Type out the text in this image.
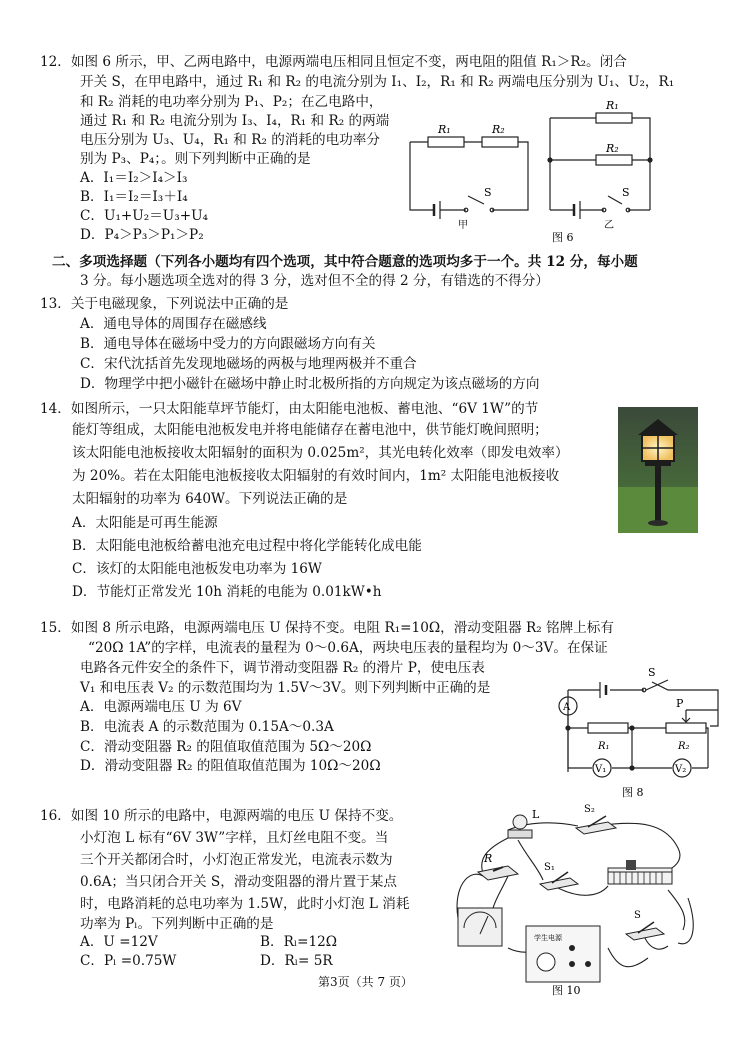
12．如图 6 所示，甲、乙两电路中，电源两端电压相同且恒定不变，两电阻的阻值 R₁＞R₂。闭合
开关 S，在甲电路中，通过 R₁ 和 R₂ 的电流分别为 I₁、I₂，R₁ 和 R₂ 两端电压分别为 U₁、U₂，R₁
和 R₂ 消耗的电功率分别为 P₁、P₂；在乙电路中，
通过 R₁ 和 R₂ 电流分别为 I₃、I₄，R₁ 和 R₂ 的两端
电压分别为 U₃、U₄，R₁ 和 R₂ 的消耗的电功率分
别为 P₃、P₄；。则下列判断中正确的是
A．I₁＝I₂＞I₄＞I₃
B．I₁＝I₂＝I₃＋I₄
C．U₁+U₂＝U₃+U₄
D．P₄＞P₃＞P₁＞P₂
R₁	R₂
S
甲
R₁
R₂
S
乙
图 6
二、多项选择题（下列各小题均有四个选项，其中符合题意的选项均多于一个。共 12 分，每小题
3 分。每小题选项全选对的得 3 分，选对但不全的得 2 分，有错选的不得分）
13．关于电磁现象，下列说法中正确的是
A．通电导体的周围存在磁感线
B．通电导体在磁场中受力的方向跟磁场方向有关
C．宋代沈括首先发现地磁场的两极与地理两极并不重合
D．物理学中把小磁针在磁场中静止时北极所指的方向规定为该点磁场的方向
14．如图所示，一只太阳能草坪节能灯，由太阳能电池板、蓄电池、“6V 1W”的节
能灯等组成，太阳能电池板发电并将电能储存在蓄电池中，供节能灯晚间照明；
该太阳能电池板接收太阳辐射的面积为 0.025m²，其光电转化效率（即发电效率）
为 20%。若在太阳能电池板接收太阳辐射的有效时间内，1m² 太阳能电池板接收
太阳辐射的功率为 640W。下列说法正确的是
A．太阳能是可再生能源
B．太阳能电池板给蓄电池充电过程中将化学能转化成电能
C．该灯的太阳能电池板发电功率为 16W
D．节能灯正常发光 10h 消耗的电能为 0.01kW•h
15．如图 8 所示电路，电源两端电压 U 保持不变。电阻 R₁=10Ω，滑动变阻器 R₂ 铭牌上标有
“20Ω 1A”的字样，电流表的量程为 0～0.6A，两块电压表的量程均为 0～3V。在保证
电路各元件安全的条件下，调节滑动变阻器 R₂ 的滑片 P，使电压表
V₁ 和电压表 V₂ 的示数范围均为 1.5V～3V。则下列判断中正确的是
A．电源两端电压 U 为 6V
B．电流表 A 的示数范围为 0.15A～0.3A
C．滑动变阻器 R₂ 的阻值取值范围为 5Ω～20Ω
D．滑动变阻器 R₂ 的阻值取值范围为 10Ω～20Ω
S
A	P
R₁	R₂
V₁	V₂
图 8
16．如图 10 所示的电路中，电源两端的电压 U 保持不变。
小灯泡 L 标有“6V 3W”字样，且灯丝电阻不变。当
三个开关都闭合时，小灯泡正常发光，电流表示数为
0.6A；当只闭合开关 S，滑动变阻器的滑片置于某点
时，电路消耗的总电功率为 1.5W，此时小灯泡 L 消耗
功率为 Pₗ。下列判断中正确的是
A．U =12V	B．Rₗ=12Ω
C．Pₗ =0.75W	D．Rₗ= 5R
L	S₂
R
S₁
S
学生电源
图 10
第3页（共 7 页）
